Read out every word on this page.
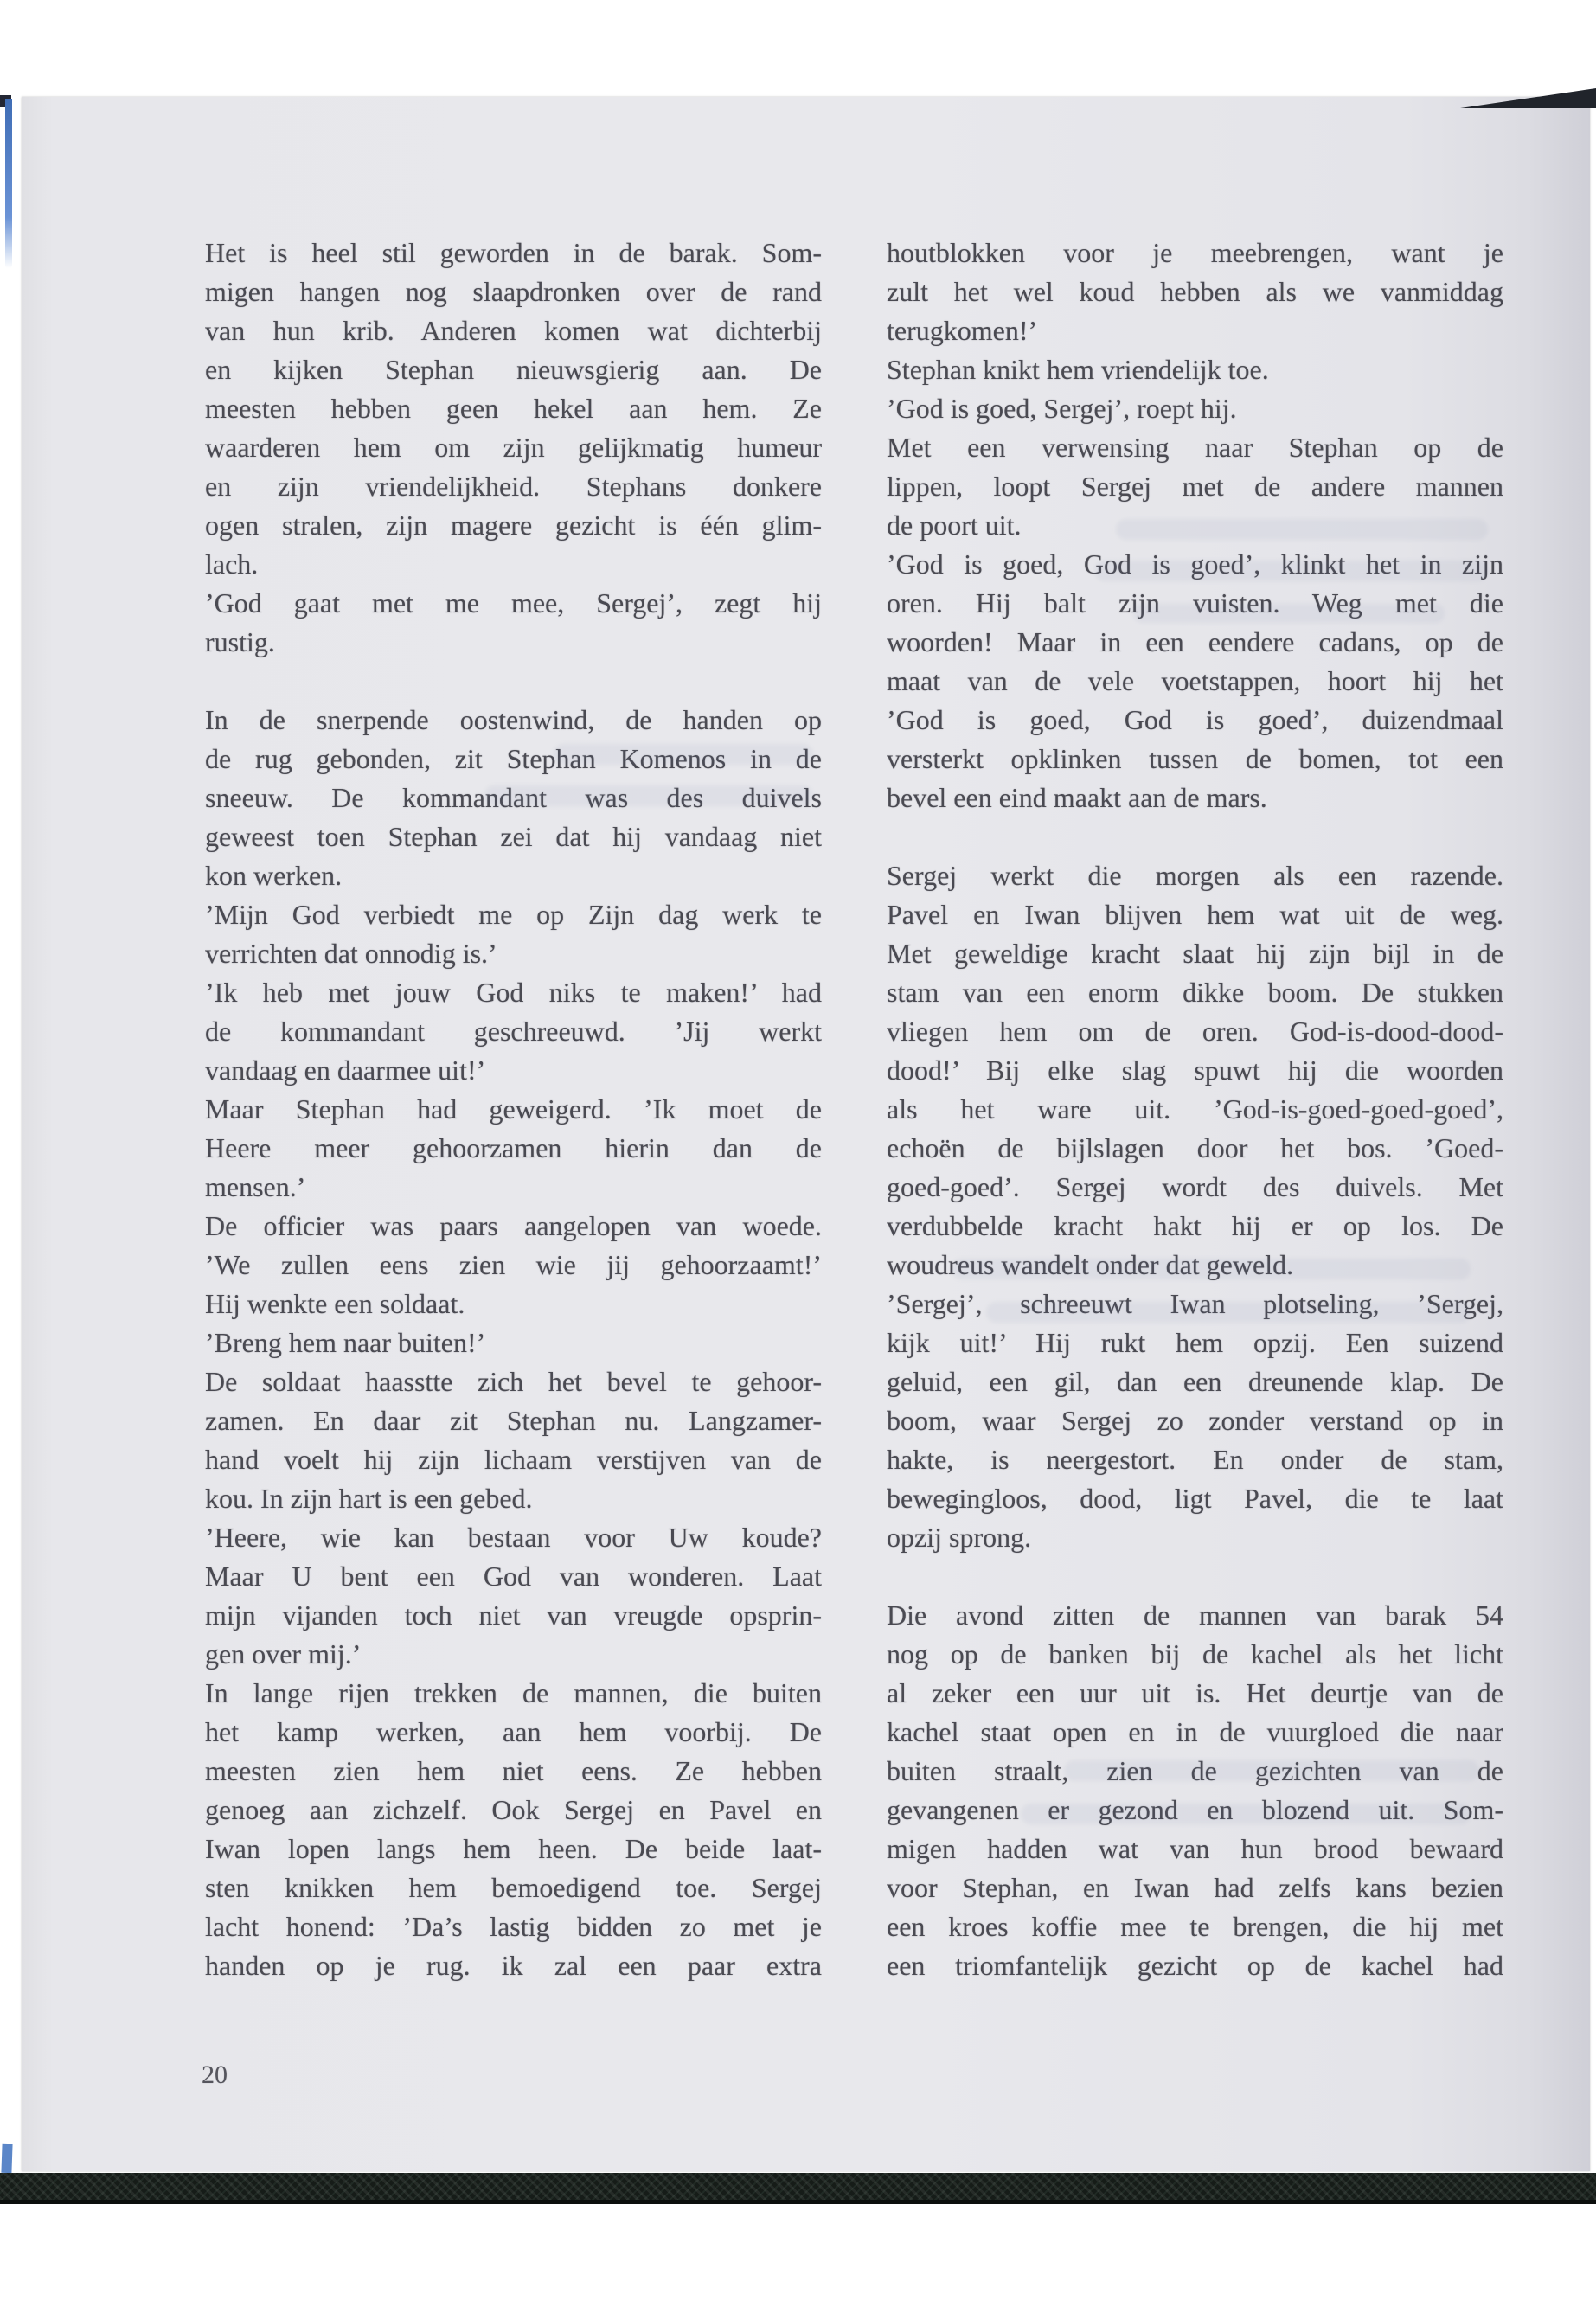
Het is heel stil geworden in de barak. Som-
migen hangen nog slaapdronken over de rand
van hun krib. Anderen komen wat dichterbij
en kijken Stephan nieuwsgierig aan. De
meesten hebben geen hekel aan hem. Ze
waarderen hem om zijn gelijkmatig humeur
en zijn vriendelijkheid. Stephans donkere
ogen stralen, zijn magere gezicht is één glim-
lach.
’God gaat met me mee, Sergej’, zegt hij
rustig.
In de snerpende oostenwind, de handen op
de rug gebonden, zit Stephan Komenos in de
sneeuw. De kommandant was des duivels
geweest toen Stephan zei dat hij vandaag niet
kon werken.
’Mijn God verbiedt me op Zijn dag werk te
verrichten dat onnodig is.’
’Ik heb met jouw God niks te maken!’ had
de kommandant geschreeuwd. ’Jij werkt
vandaag en daarmee uit!’
Maar Stephan had geweigerd. ’Ik moet de
Heere meer gehoorzamen hierin dan de
mensen.’
De officier was paars aangelopen van woede.
’We zullen eens zien wie jij gehoorzaamt!’
Hij wenkte een soldaat.
’Breng hem naar buiten!’
De soldaat haasstte zich het bevel te gehoor-
zamen. En daar zit Stephan nu. Langzamer-
hand voelt hij zijn lichaam verstijven van de
kou. In zijn hart is een gebed.
’Heere, wie kan bestaan voor Uw koude?
Maar U bent een God van wonderen. Laat
mijn vijanden toch niet van vreugde opsprin-
gen over mij.’
In lange rijen trekken de mannen, die buiten
het kamp werken, aan hem voorbij. De
meesten zien hem niet eens. Ze hebben
genoeg aan zichzelf. Ook Sergej en Pavel en
Iwan lopen langs hem heen. De beide laat-
sten knikken hem bemoedigend toe. Sergej
lacht honend: ’Da’s lastig bidden zo met je
handen op je rug. ik zal een paar extra
houtblokken voor je meebrengen, want je
zult het wel koud hebben als we vanmiddag
terugkomen!’
Stephan knikt hem vriendelijk toe.
’God is goed, Sergej’, roept hij.
Met een verwensing naar Stephan op de
lippen, loopt Sergej met de andere mannen
de poort uit.
’God is goed, God is goed’, klinkt het in zijn
oren. Hij balt zijn vuisten. Weg met die
woorden! Maar in een eendere cadans, op de
maat van de vele voetstappen, hoort hij het
’God is goed, God is goed’, duizendmaal
versterkt opklinken tussen de bomen, tot een
bevel een eind maakt aan de mars.
Sergej werkt die morgen als een razende.
Pavel en Iwan blijven hem wat uit de weg.
Met geweldige kracht slaat hij zijn bijl in de
stam van een enorm dikke boom. De stukken
vliegen hem om de oren. God-is-dood-dood-
dood!’ Bij elke slag spuwt hij die woorden
als het ware uit. ’God-is-goed-goed-goed’,
echoën de bijlslagen door het bos. ’Goed-
goed-goed’. Sergej wordt des duivels. Met
verdubbelde kracht hakt hij er op los. De
woudreus wandelt onder dat geweld.
’Sergej’, schreeuwt Iwan plotseling, ’Sergej,
kijk uit!’ Hij rukt hem opzij. Een suizend
geluid, een gil, dan een dreunende klap. De
boom, waar Sergej zo zonder verstand op in
hakte, is neergestort. En onder de stam,
bewegingloos, dood, ligt Pavel, die te laat
opzij sprong.
Die avond zitten de mannen van barak 54
nog op de banken bij de kachel als het licht
al zeker een uur uit is. Het deurtje van de
kachel staat open en in de vuurgloed die naar
buiten straalt, zien de gezichten van de
gevangenen er gezond en blozend uit. Som-
migen hadden wat van hun brood bewaard
voor Stephan, en Iwan had zelfs kans bezien
een kroes koffie mee te brengen, die hij met
een triomfantelijk gezicht op de kachel had
20
